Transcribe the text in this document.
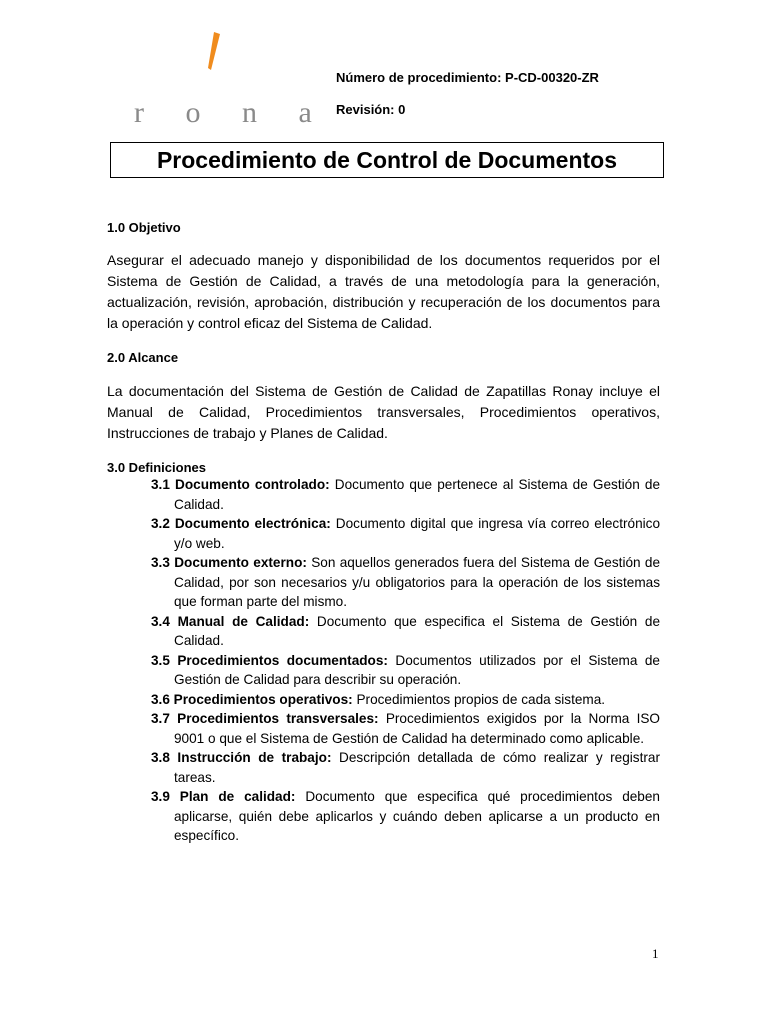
r o n a
Número de procedimiento: P-CD-00320-ZR
Revisión: 0
Procedimiento de Control de Documentos
1.0 Objetivo

Asegurar el adecuado manejo y disponibilidad de los documentos requeridos por el Sistema de Gestión de Calidad, a través de una metodología para la generación, actualización, revisión, aprobación, distribución y recuperación de los documentos para la operación y control eficaz del Sistema de Calidad.

2.0 Alcance

La documentación del Sistema de Gestión de Calidad de Zapatillas Ronay incluye el Manual de Calidad, Procedimientos transversales, Procedimientos operativos, Instrucciones de trabajo y Planes de Calidad.

3.0 Definiciones
3.1 Documento controlado: Documento que pertenece al Sistema de Gestión de Calidad.
3.2 Documento electrónica: Documento digital que ingresa vía correo electrónico y/o web.
3.3 Documento externo: Son aquellos generados fuera del Sistema de Gestión de Calidad, por son necesarios y/u obligatorios para la operación de los sistemas que forman parte del mismo.
3.4 Manual de Calidad: Documento que especifica el Sistema de Gestión de Calidad.
3.5 Procedimientos documentados: Documentos utilizados por el Sistema de Gestión de Calidad para describir su operación.
3.6 Procedimientos operativos: Procedimientos propios de cada sistema.
3.7 Procedimientos transversales: Procedimientos exigidos por la Norma ISO 9001 o que el Sistema de Gestión de Calidad ha determinado como aplicable.
3.8 Instrucción de trabajo: Descripción detallada de cómo realizar y registrar tareas.
3.9 Plan de calidad: Documento que especifica qué procedimientos deben aplicarse, quién debe aplicarlos y cuándo deben aplicarse a un producto en específico.
1
